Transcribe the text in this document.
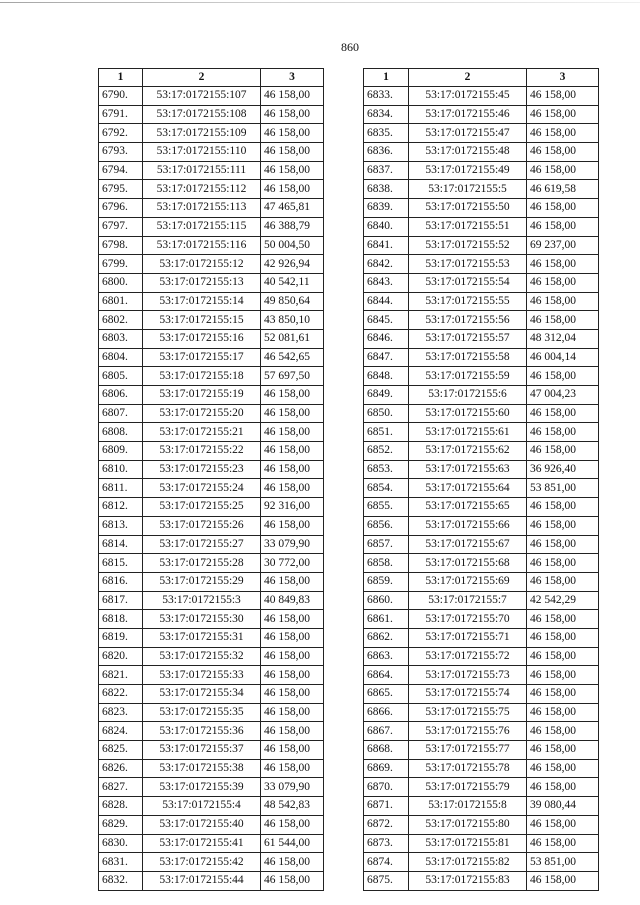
860
1	2	3
6790.	53:17:0172155:107	46 158,00
6791.	53:17:0172155:108	46 158,00
6792.	53:17:0172155:109	46 158,00
6793.	53:17:0172155:110	46 158,00
6794.	53:17:0172155:111	46 158,00
6795.	53:17:0172155:112	46 158,00
6796.	53:17:0172155:113	47 465,81
6797.	53:17:0172155:115	46 388,79
6798.	53:17:0172155:116	50 004,50
6799.	53:17:0172155:12	42 926,94
6800.	53:17:0172155:13	40 542,11
6801.	53:17:0172155:14	49 850,64
6802.	53:17:0172155:15	43 850,10
6803.	53:17:0172155:16	52 081,61
6804.	53:17:0172155:17	46 542,65
6805.	53:17:0172155:18	57 697,50
6806.	53:17:0172155:19	46 158,00
6807.	53:17:0172155:20	46 158,00
6808.	53:17:0172155:21	46 158,00
6809.	53:17:0172155:22	46 158,00
6810.	53:17:0172155:23	46 158,00
6811.	53:17:0172155:24	46 158,00
6812.	53:17:0172155:25	92 316,00
6813.	53:17:0172155:26	46 158,00
6814.	53:17:0172155:27	33 079,90
6815.	53:17:0172155:28	30 772,00
6816.	53:17:0172155:29	46 158,00
6817.	53:17:0172155:3	40 849,83
6818.	53:17:0172155:30	46 158,00
6819.	53:17:0172155:31	46 158,00
6820.	53:17:0172155:32	46 158,00
6821.	53:17:0172155:33	46 158,00
6822.	53:17:0172155:34	46 158,00
6823.	53:17:0172155:35	46 158,00
6824.	53:17:0172155:36	46 158,00
6825.	53:17:0172155:37	46 158,00
6826.	53:17:0172155:38	46 158,00
6827.	53:17:0172155:39	33 079,90
6828.	53:17:0172155:4	48 542,83
6829.	53:17:0172155:40	46 158,00
6830.	53:17:0172155:41	61 544,00
6831.	53:17:0172155:42	46 158,00
6832.	53:17:0172155:44	46 158,00
1	2	3
6833.	53:17:0172155:45	46 158,00
6834.	53:17:0172155:46	46 158,00
6835.	53:17:0172155:47	46 158,00
6836.	53:17:0172155:48	46 158,00
6837.	53:17:0172155:49	46 158,00
6838.	53:17:0172155:5	46 619,58
6839.	53:17:0172155:50	46 158,00
6840.	53:17:0172155:51	46 158,00
6841.	53:17:0172155:52	69 237,00
6842.	53:17:0172155:53	46 158,00
6843.	53:17:0172155:54	46 158,00
6844.	53:17:0172155:55	46 158,00
6845.	53:17:0172155:56	46 158,00
6846.	53:17:0172155:57	48 312,04
6847.	53:17:0172155:58	46 004,14
6848.	53:17:0172155:59	46 158,00
6849.	53:17:0172155:6	47 004,23
6850.	53:17:0172155:60	46 158,00
6851.	53:17:0172155:61	46 158,00
6852.	53:17:0172155:62	46 158,00
6853.	53:17:0172155:63	36 926,40
6854.	53:17:0172155:64	53 851,00
6855.	53:17:0172155:65	46 158,00
6856.	53:17:0172155:66	46 158,00
6857.	53:17:0172155:67	46 158,00
6858.	53:17:0172155:68	46 158,00
6859.	53:17:0172155:69	46 158,00
6860.	53:17:0172155:7	42 542,29
6861.	53:17:0172155:70	46 158,00
6862.	53:17:0172155:71	46 158,00
6863.	53:17:0172155:72	46 158,00
6864.	53:17:0172155:73	46 158,00
6865.	53:17:0172155:74	46 158,00
6866.	53:17:0172155:75	46 158,00
6867.	53:17:0172155:76	46 158,00
6868.	53:17:0172155:77	46 158,00
6869.	53:17:0172155:78	46 158,00
6870.	53:17:0172155:79	46 158,00
6871.	53:17:0172155:8	39 080,44
6872.	53:17:0172155:80	46 158,00
6873.	53:17:0172155:81	46 158,00
6874.	53:17:0172155:82	53 851,00
6875.	53:17:0172155:83	46 158,00
